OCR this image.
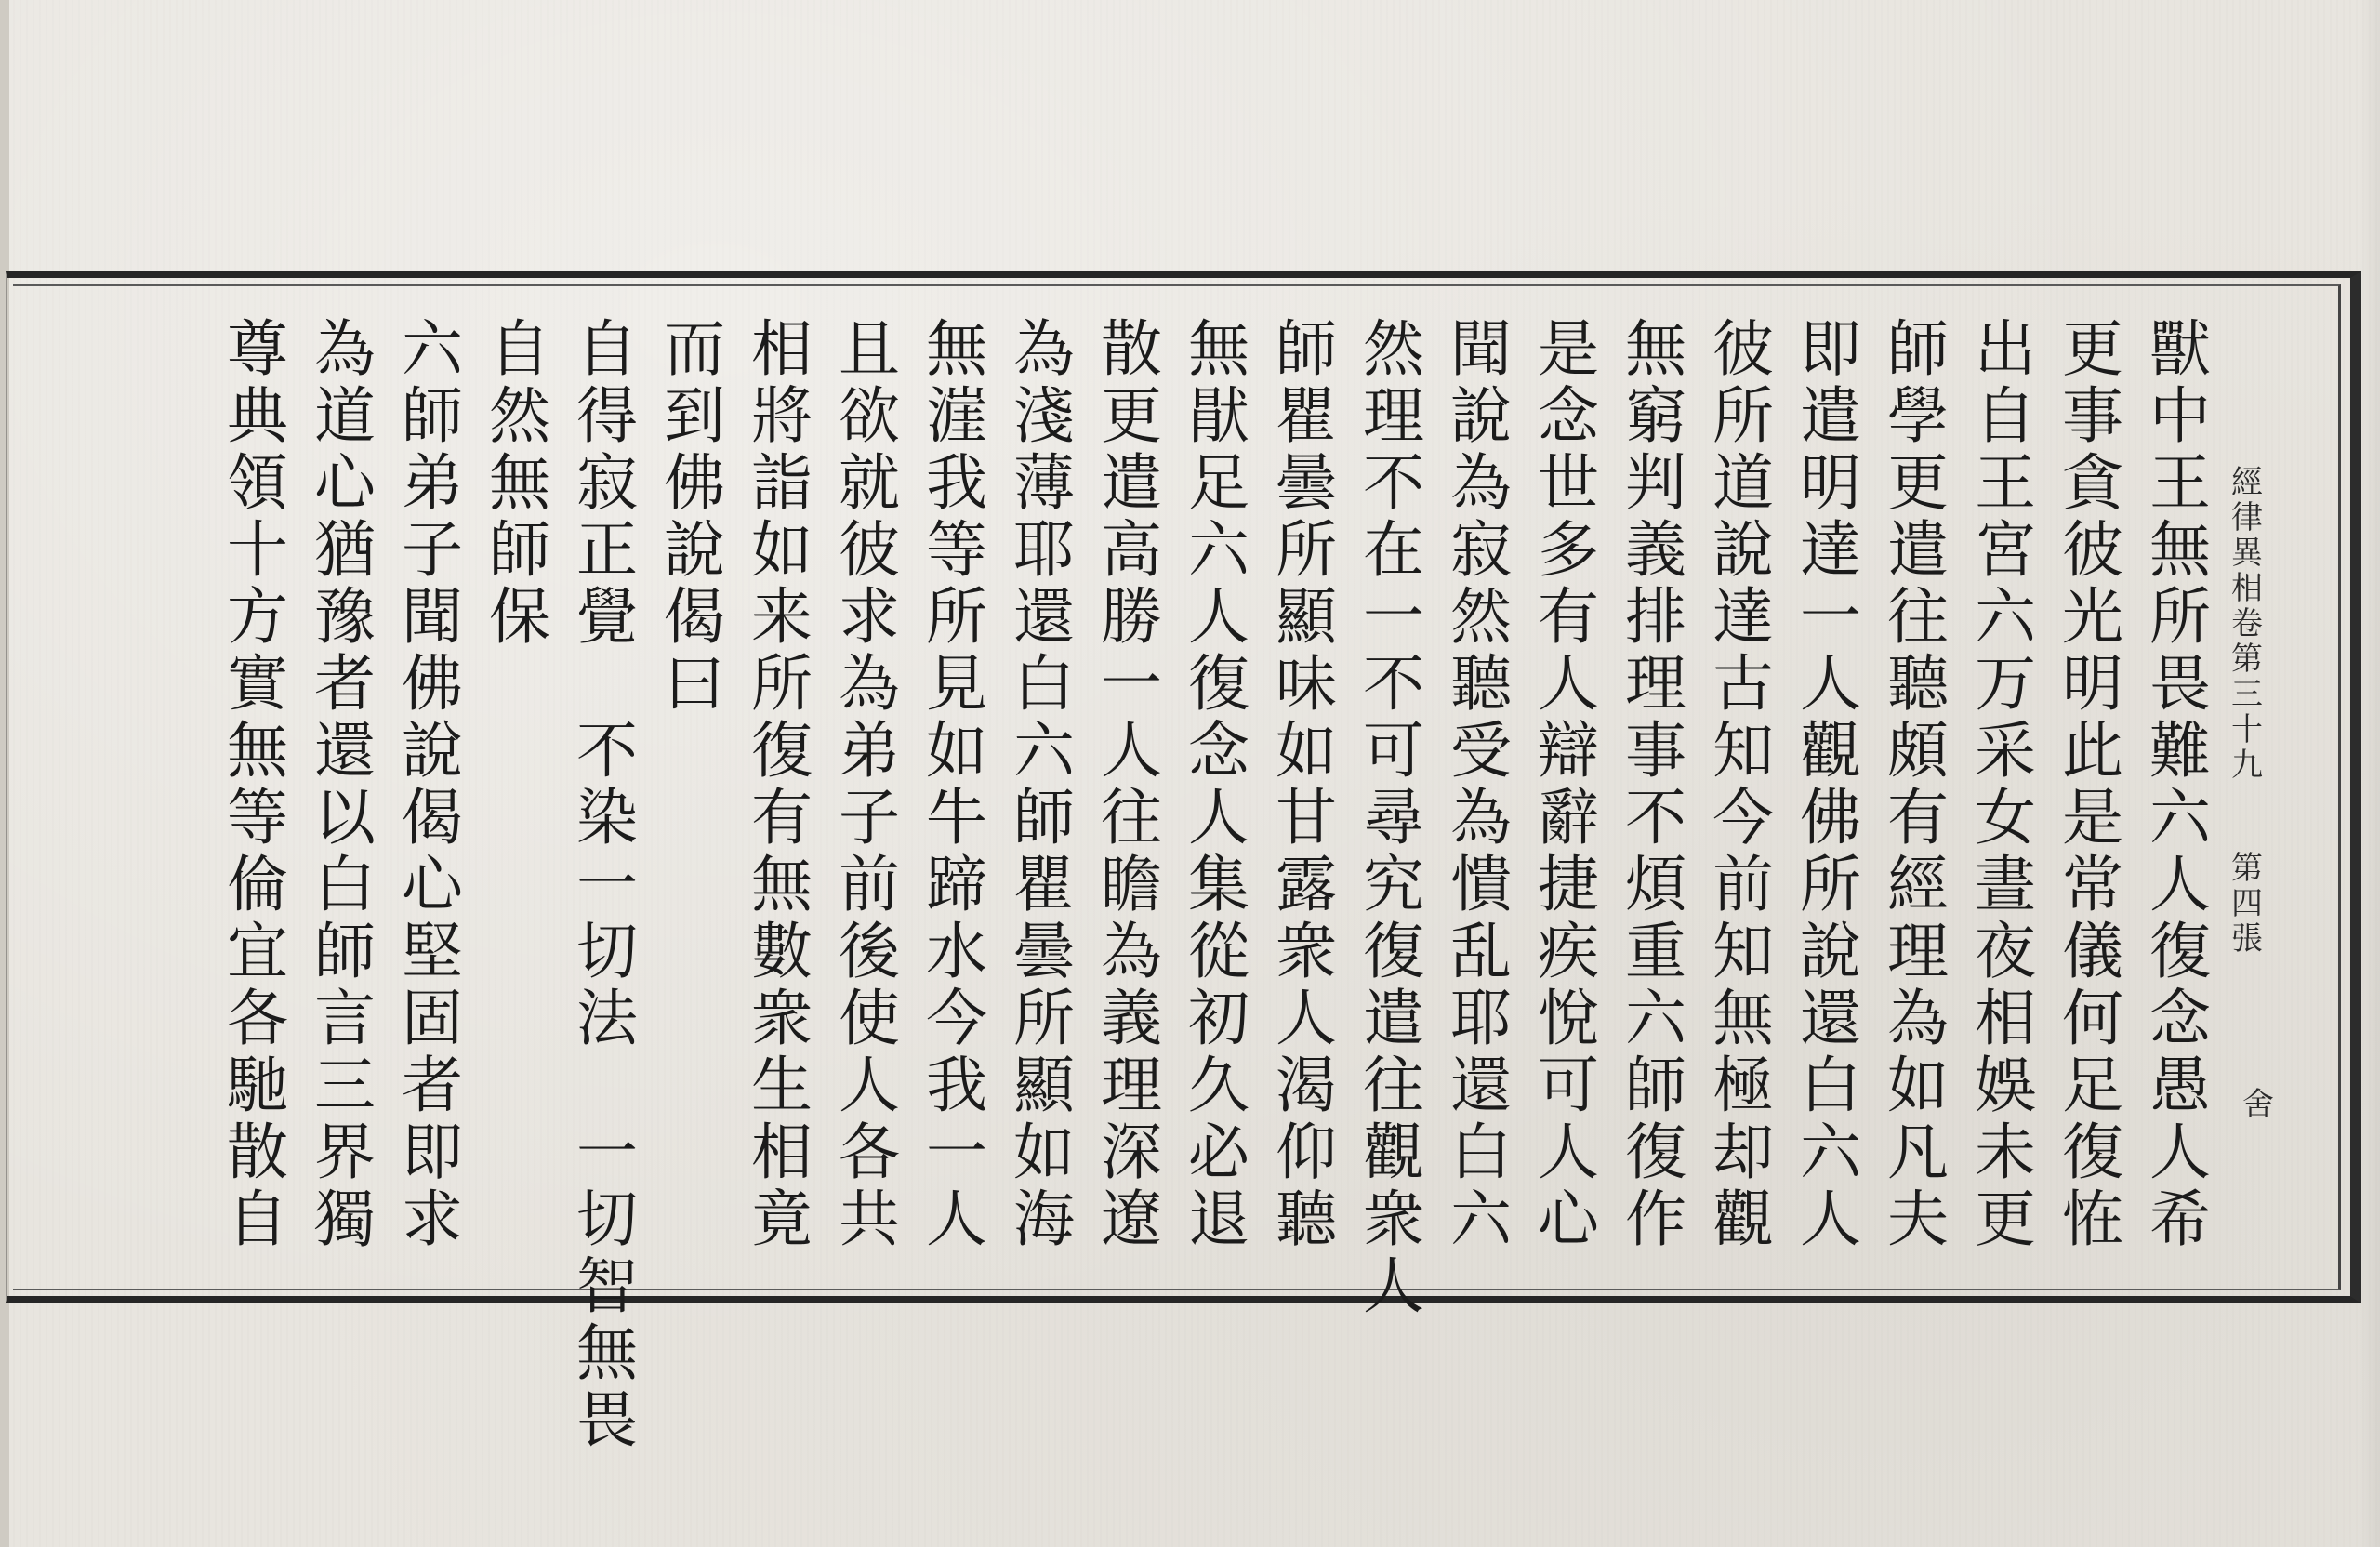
經
律
異
相
卷
第
三
十
九
第
四
張
舍
獸
中
王
無
所
畏
難
六
人
復
念
愚
人
希
更
事
貪
彼
光
明
此
是
常
儀
何
足
復
恠
出
自
王
宮
六
万
采
女
晝
夜
相
娛
未
更
師
學
更
遣
往
聽
頗
有
經
理
為
如
凡
夫
即
遣
明
達
一
人
觀
佛
所
說
還
白
六
人
彼
所
道
說
達
古
知
今
前
知
無
極
却
觀
無
窮
判
義
排
理
事
不
煩
重
六
師
復
作
是
念
世
多
有
人
辯
辭
捷
疾
悅
可
人
心
聞
說
為
寂
然
聽
受
為
憒
乱
耶
還
白
六
然
理
不
在
一
不
可
尋
究
復
遣
往
觀
衆
人
師
瞿
曇
所
顯
味
如
甘
露
衆
人
渴
仰
聽
無
猒
足
六
人
復
念
人
集
從
初
久
必
退
散
更
遣
高
勝
一
人
往
瞻
為
義
理
深
遼
為
淺
薄
耶
還
白
六
師
瞿
曇
所
顯
如
海
無
漄
我
等
所
見
如
牛
蹄
水
今
我
一
人
且
欲
就
彼
求
為
弟
子
前
後
使
人
各
共
相
將
詣
如
来
所
復
有
無
數
衆
生
相
竟
而
到
佛
說
偈
曰
自
得
寂
正
覺

不
染
一
切
法

一
切
智
無
畏
自
然
無
師
保
六
師
弟
子
聞
佛
說
偈
心
堅
固
者
即
求
為
道
心
猶
豫
者
還
以
白
師
言
三
界
獨
尊
典
領
十
方
實
無
等
倫
宜
各
馳
散
自
